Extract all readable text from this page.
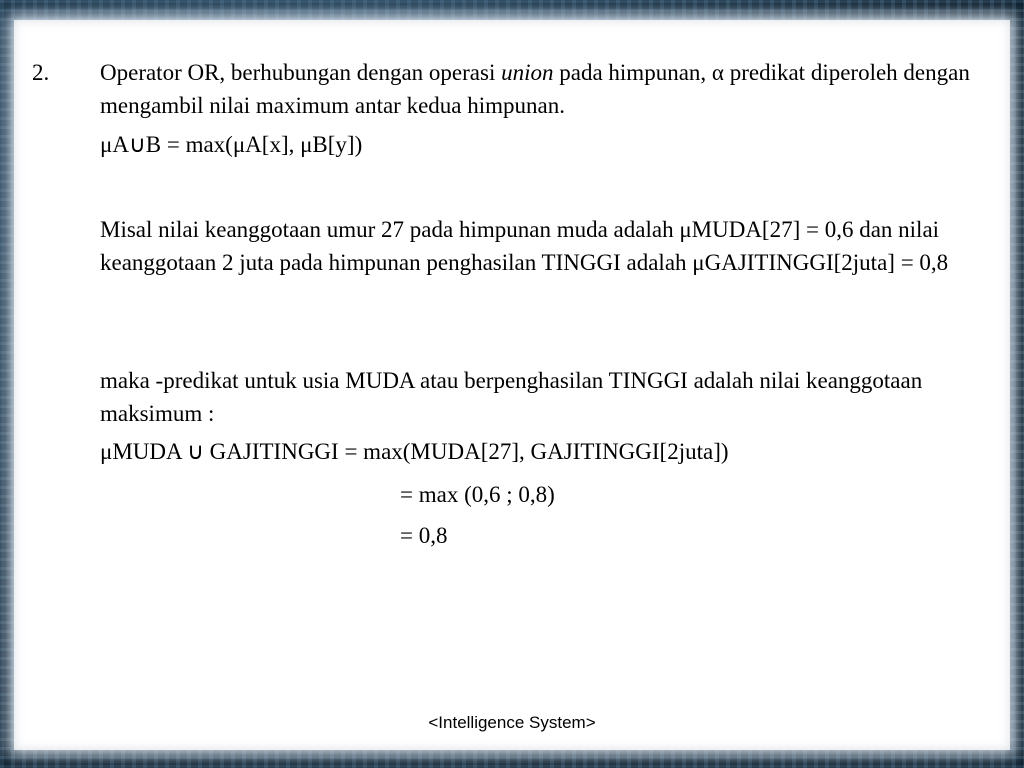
2. Operator OR, berhubungan dengan operasi union pada himpunan, α predikat diperoleh dengan mengambil nilai maximum antar kedua himpunan.

μA∪B = max(μA[x], μB[y])

Misal nilai keanggotaan umur 27 pada himpunan muda adalah μMUDA[27] = 0,6 dan nilai keanggotaan 2 juta pada himpunan penghasilan TINGGI adalah μGAJITINGGI[2juta] = 0,8

maka -predikat untuk usia MUDA atau berpenghasilan TINGGI adalah nilai keanggotaan maksimum :

μMUDA ∪ GAJITINGGI = max(MUDA[27], GAJITINGGI[2juta])

= max (0,6 ; 0,8)

= 0,8

<Intelligence System>
